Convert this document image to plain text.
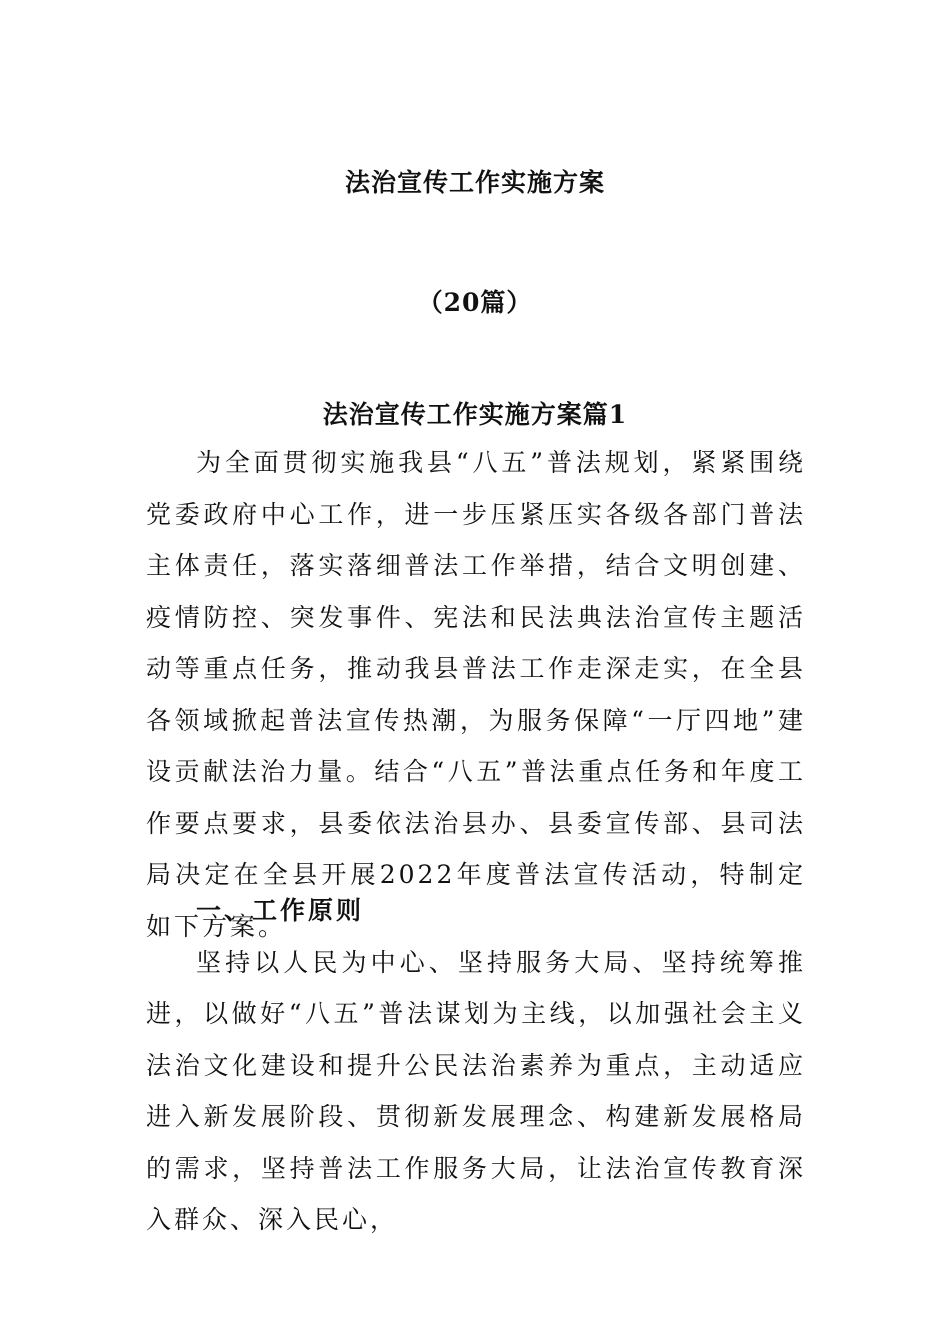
法治宣传工作实施方案
（20篇）
法治宣传工作实施方案篇1

为全面贯彻实施我县“八五”普法规划，紧紧围绕党委政府中心工作，进一步压紧压实各级各部门普法主体责任，落实落细普法工作举措，结合文明创建、疫情防控、突发事件、宪法和民法典法治宣传主题活动等重点任务，推动我县普法工作走深走实，在全县各领域掀起普法宣传热潮，为服务保障“一厅四地”建设贡献法治力量。结合“八五”普法重点任务和年度工作要点要求，县委依法治县办、县委宣传部、县司法局决定在全县开展2022年度普法宣传活动，特制定如下方案。

一、工作原则

坚持以人民为中心、坚持服务大局、坚持统筹推进，以做好“八五”普法谋划为主线，以加强社会主义法治文化建设和提升公民法治素养为重点，主动适应进入新发展阶段、贯彻新发展理念、构建新发展格局的需求，坚持普法工作服务大局，让法治宣传教育深入群众、深入民心，
